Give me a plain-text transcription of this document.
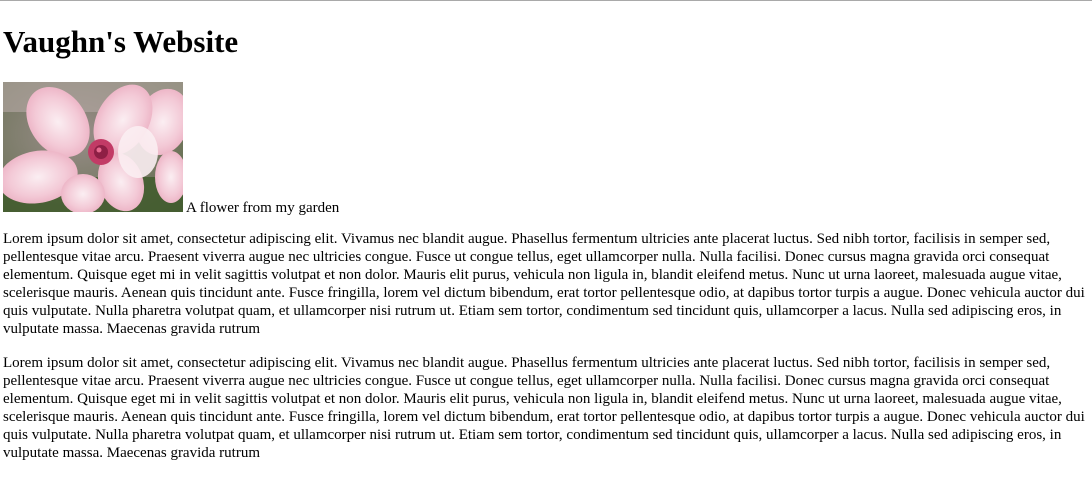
Vaughn's Website
A flower from my garden

Lorem ipsum dolor sit amet, consectetur adipiscing elit. Vivamus nec blandit augue. Phasellus fermentum ultricies ante placerat luctus. Sed nibh tortor, facilisis in semper sed, pellentesque vitae arcu. Praesent viverra augue nec ultricies congue. Fusce ut congue tellus, eget ullamcorper nulla. Nulla facilisi. Donec cursus magna gravida orci consequat elementum. Quisque eget mi in velit sagittis volutpat et non dolor. Mauris elit purus, vehicula non ligula in, blandit eleifend metus. Nunc ut urna laoreet, malesuada augue vitae, scelerisque mauris. Aenean quis tincidunt ante. Fusce fringilla, lorem vel dictum bibendum, erat tortor pellentesque odio, at dapibus tortor turpis a augue. Donec vehicula auctor dui quis vulputate. Nulla pharetra volutpat quam, et ullamcorper nisi rutrum ut. Etiam sem tortor, condimentum sed tincidunt quis, ullamcorper a lacus. Nulla sed adipiscing eros, in vulputate massa. Maecenas gravida rutrum

Lorem ipsum dolor sit amet, consectetur adipiscing elit. Vivamus nec blandit augue. Phasellus fermentum ultricies ante placerat luctus. Sed nibh tortor, facilisis in semper sed, pellentesque vitae arcu. Praesent viverra augue nec ultricies congue. Fusce ut congue tellus, eget ullamcorper nulla. Nulla facilisi. Donec cursus magna gravida orci consequat elementum. Quisque eget mi in velit sagittis volutpat et non dolor. Mauris elit purus, vehicula non ligula in, blandit eleifend metus. Nunc ut urna laoreet, malesuada augue vitae, scelerisque mauris. Aenean quis tincidunt ante. Fusce fringilla, lorem vel dictum bibendum, erat tortor pellentesque odio, at dapibus tortor turpis a augue. Donec vehicula auctor dui quis vulputate. Nulla pharetra volutpat quam, et ullamcorper nisi rutrum ut. Etiam sem tortor, condimentum sed tincidunt quis, ullamcorper a lacus. Nulla sed adipiscing eros, in vulputate massa. Maecenas gravida rutrum
